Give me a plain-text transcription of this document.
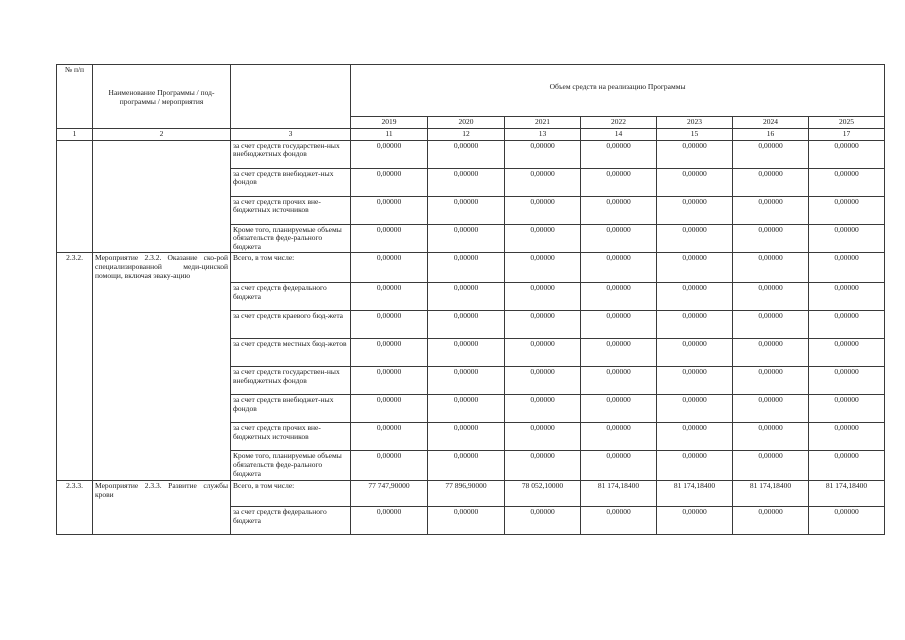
№ п/п	Наименование Программы / под-программы / мероприятия		Объем средств на реализацию Программы						
			2019	2020	2021	2022	2023	2024	2025
1	2	3	11	12	13	14	15	16	17
		за счет средств государствен-ных внебюджетных фондов	0,00000	0,00000	0,00000	0,00000	0,00000	0,00000	0,00000
		за счет средств внебюджет-ных фондов	0,00000	0,00000	0,00000	0,00000	0,00000	0,00000	0,00000
		за счет средств прочих вне-бюджетных источников	0,00000	0,00000	0,00000	0,00000	0,00000	0,00000	0,00000
		Кроме того, планируемые объемы обязательств феде-рального бюджета	0,00000	0,00000	0,00000	0,00000	0,00000	0,00000	0,00000
2.3.2.	Мероприятие 2.3.2. Оказание ско-рой специализированной меди-цинской помощи, включая эваку-ацию	Всего, в том числе:	0,00000	0,00000	0,00000	0,00000	0,00000	0,00000	0,00000
		за счет средств федерального бюджета	0,00000	0,00000	0,00000	0,00000	0,00000	0,00000	0,00000
		за счет средств краевого бюд-жета	0,00000	0,00000	0,00000	0,00000	0,00000	0,00000	0,00000
		за счет средств местных бюд-жетов	0,00000	0,00000	0,00000	0,00000	0,00000	0,00000	0,00000
		за счет средств государствен-ных внебюджетных фондов	0,00000	0,00000	0,00000	0,00000	0,00000	0,00000	0,00000
		за счет средств внебюджет-ных фондов	0,00000	0,00000	0,00000	0,00000	0,00000	0,00000	0,00000
		за счет средств прочих вне-бюджетных источников	0,00000	0,00000	0,00000	0,00000	0,00000	0,00000	0,00000
		Кроме того, планируемые объемы обязательств феде-рального бюджета	0,00000	0,00000	0,00000	0,00000	0,00000	0,00000	0,00000
2.3.3.	Мероприятие 2.3.3. Развитие службы крови	Всего, в том числе:	77 747,90000	77 896,90000	78 052,10000	81 174,18400	81 174,18400	81 174,18400	81 174,18400
		за счет средств федерального бюджета	0,00000	0,00000	0,00000	0,00000	0,00000	0,00000	0,00000
